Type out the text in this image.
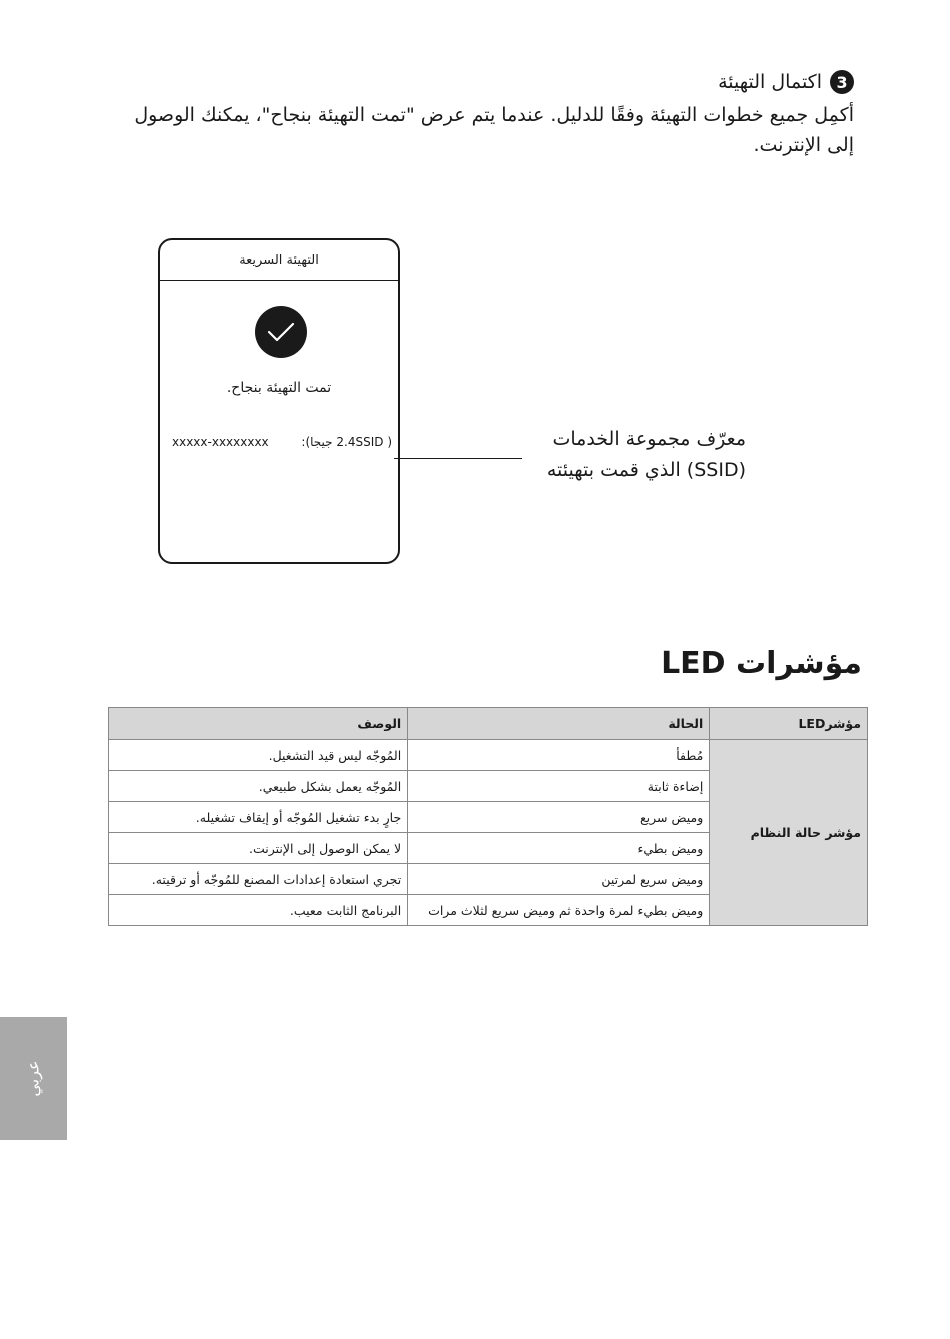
3
اكتمال التهيئة
أكمِل جميع خطوات التهيئة وفقًا للدليل. عندما يتم عرض "تمت التهيئة بنجاح"، يمكنك الوصول إلى الإنترنت.
التهيئة السريعة
تمت التهيئة بنجاح.
xxxxx-xxxxxxxx	( 2.4SSID جيجا):	معرّف مجموعة الخدمات
(SSID) الذي قمت بتهيئته
مؤشرات LED
مؤشرLED	الحالة	الوصف
مؤشر حالة النظام	مُطفأ	المُوجّه ليس قيد التشغيل.
	إضاءة ثابتة	المُوجّه يعمل بشكل طبيعي.
	وميض سريع	جارٍ بدء تشغيل المُوجّه أو إيقاف تشغيله.
	وميض بطيء	لا يمكن الوصول إلى الإنترنت.
	وميض سريع لمرتين	تجري استعادة إعدادات المصنع للمُوجّه أو ترقيته.
	وميض بطيء لمرة واحدة ثم وميض سريع لثلاث مرات	البرنامج الثابت معيب.
عربي
